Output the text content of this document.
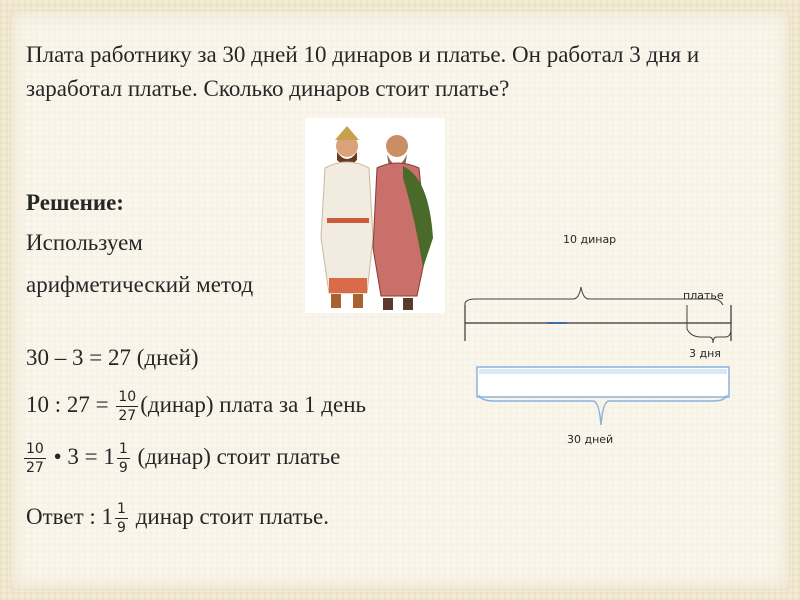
Плата работнику за 30 дней 10 динаров и платье. Он работал 3 дня и заработал платье. Сколько динаров стоит платье?

Решение:

Используем

арифметический метод

30 – 3 = 27 (дней)

10 : $27 = \frac{10}{27}$ (динар) плата за 1 день

$\frac{10}{27}$ • $3 = 1 \frac{1}{9}$ (динар) стоит платье

Ответ : $1 \frac{1}{9}$ динар стоит платье.

10 динар
платье
3 дня
30 дней
